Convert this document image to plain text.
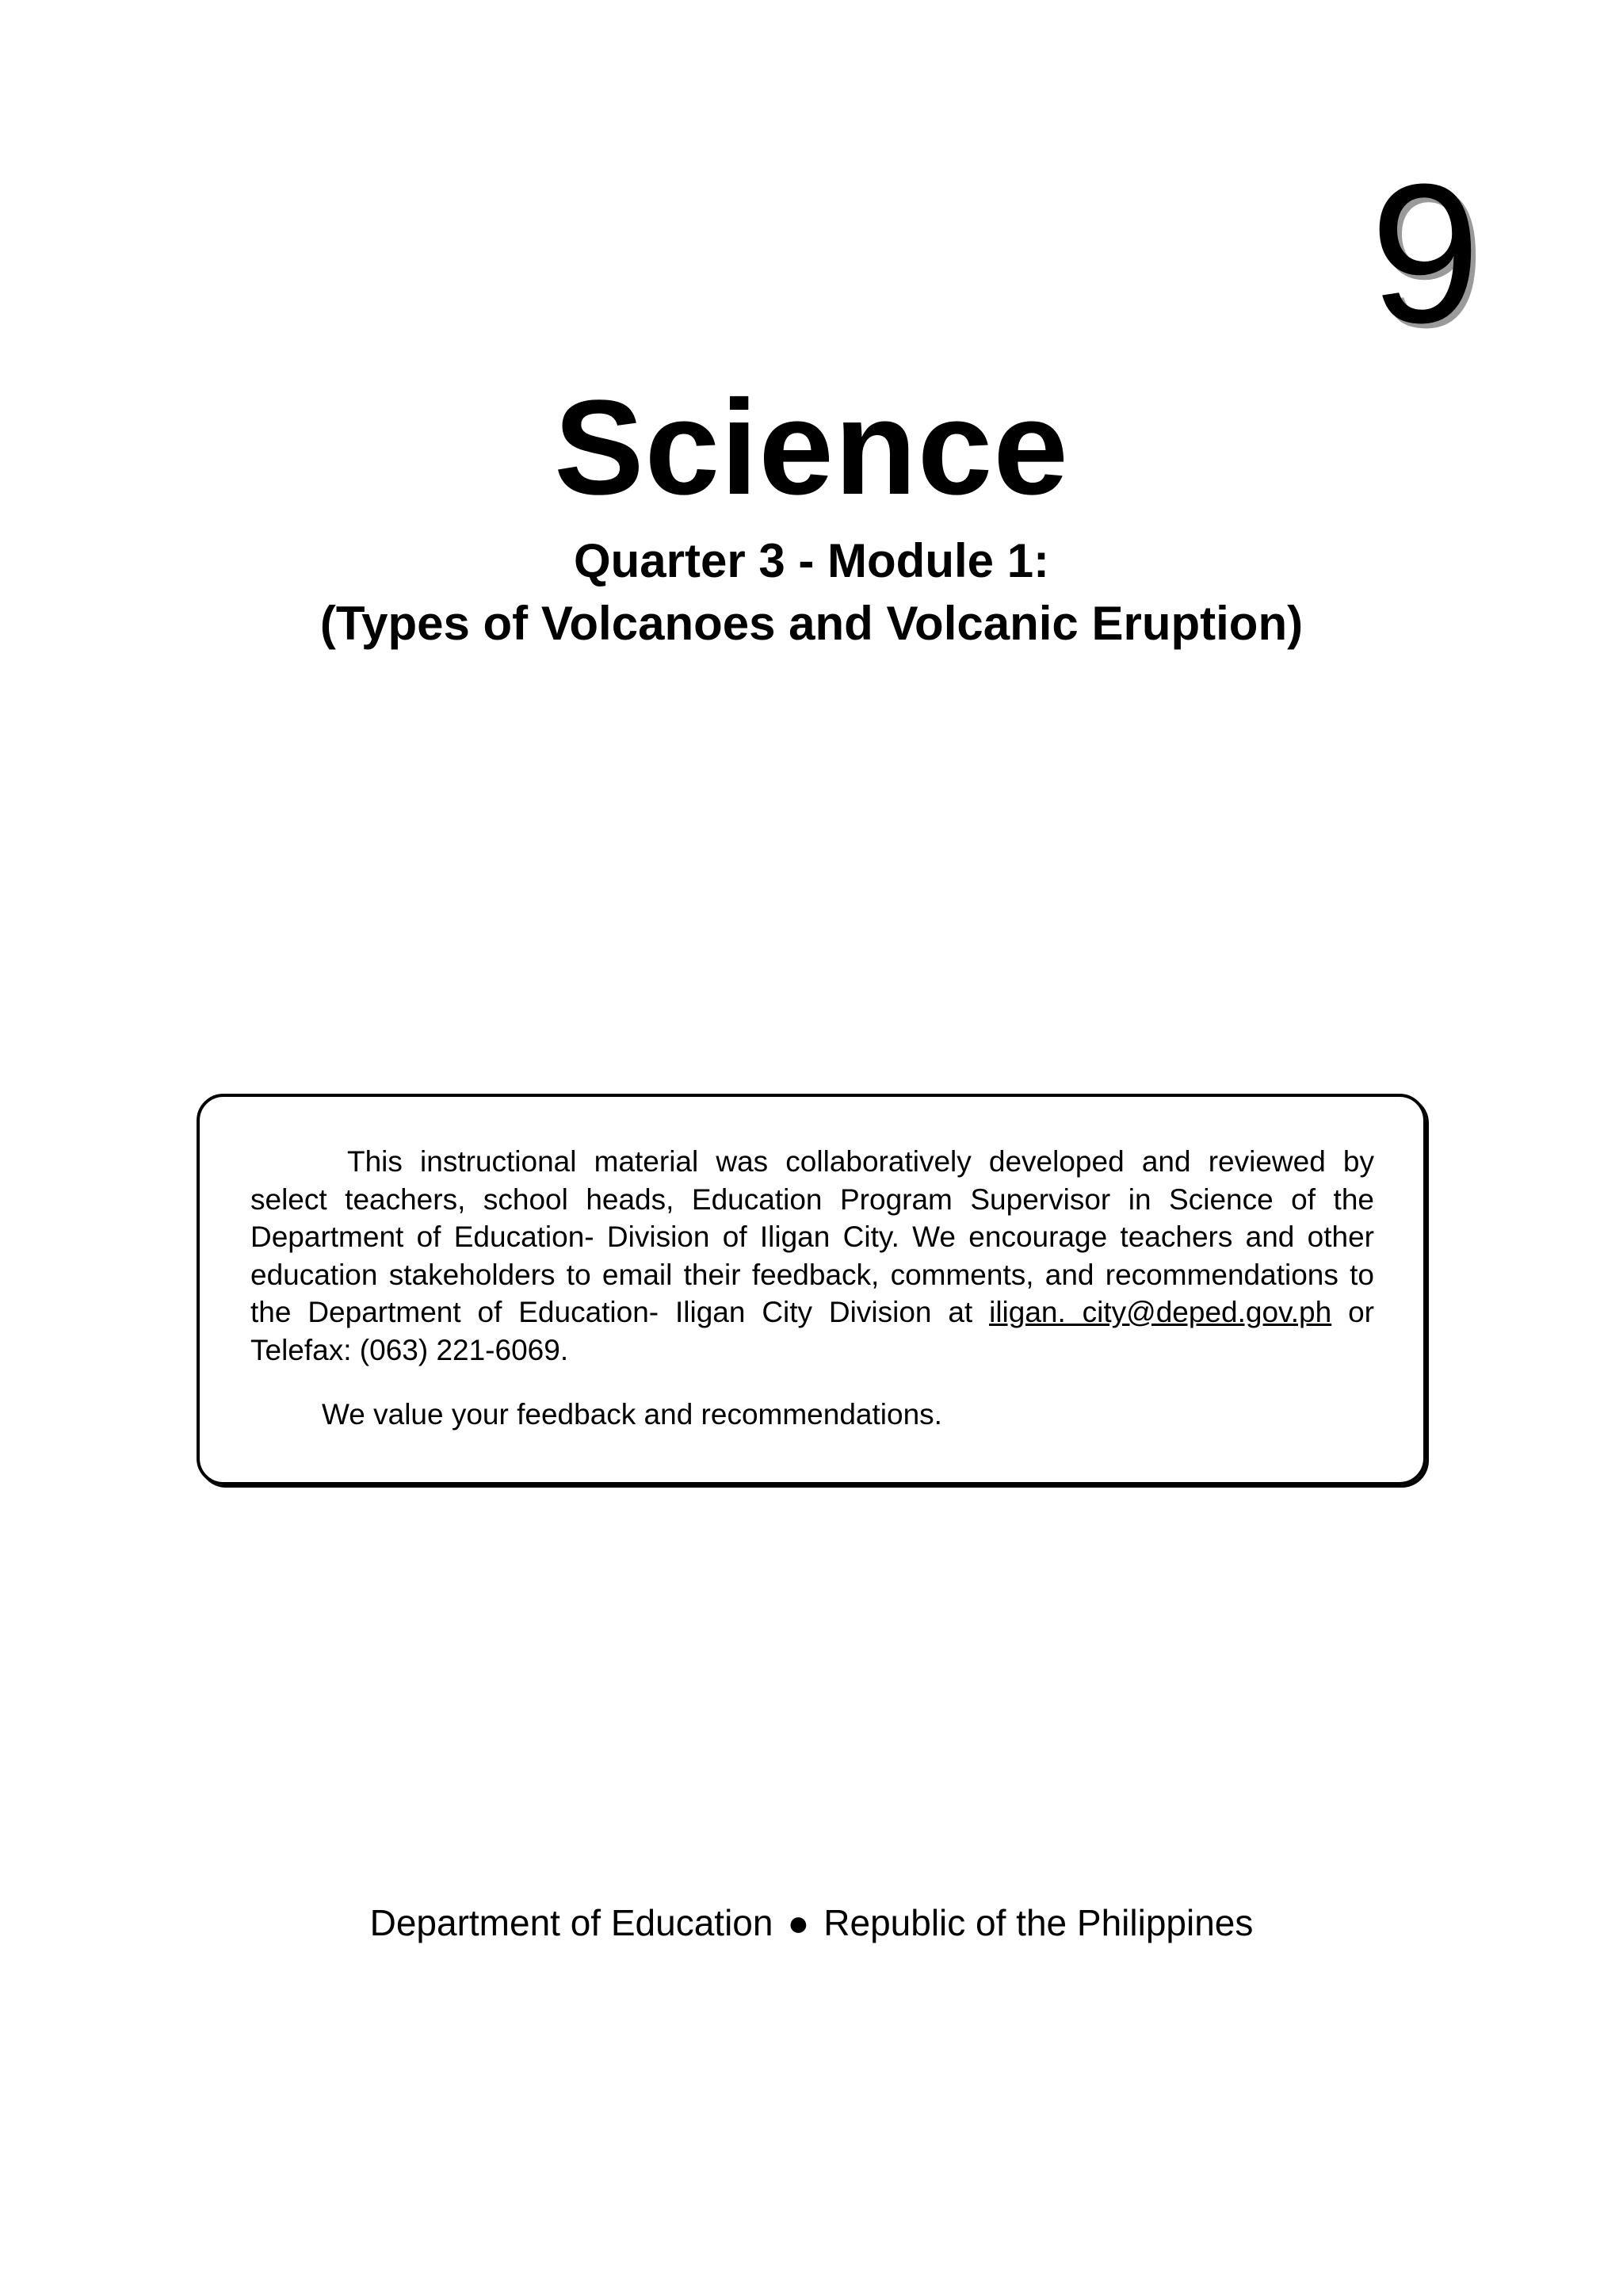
9
Science
Quarter 3 - Module 1:
(Types of Volcanoes and Volcanic Eruption)

This instructional material was collaboratively developed and reviewed by select teachers, school heads, Education Program Supervisor in Science of the Department of Education- Division of Iligan City. We encourage teachers and other education stakeholders to email their feedback, comments, and recommendations to the Department of Education- Iligan City Division at iligan. city@deped.gov.ph or Telefax: (063) 221-6069.

We value your feedback and recommendations.

Department of Education ● Republic of the Philippines
